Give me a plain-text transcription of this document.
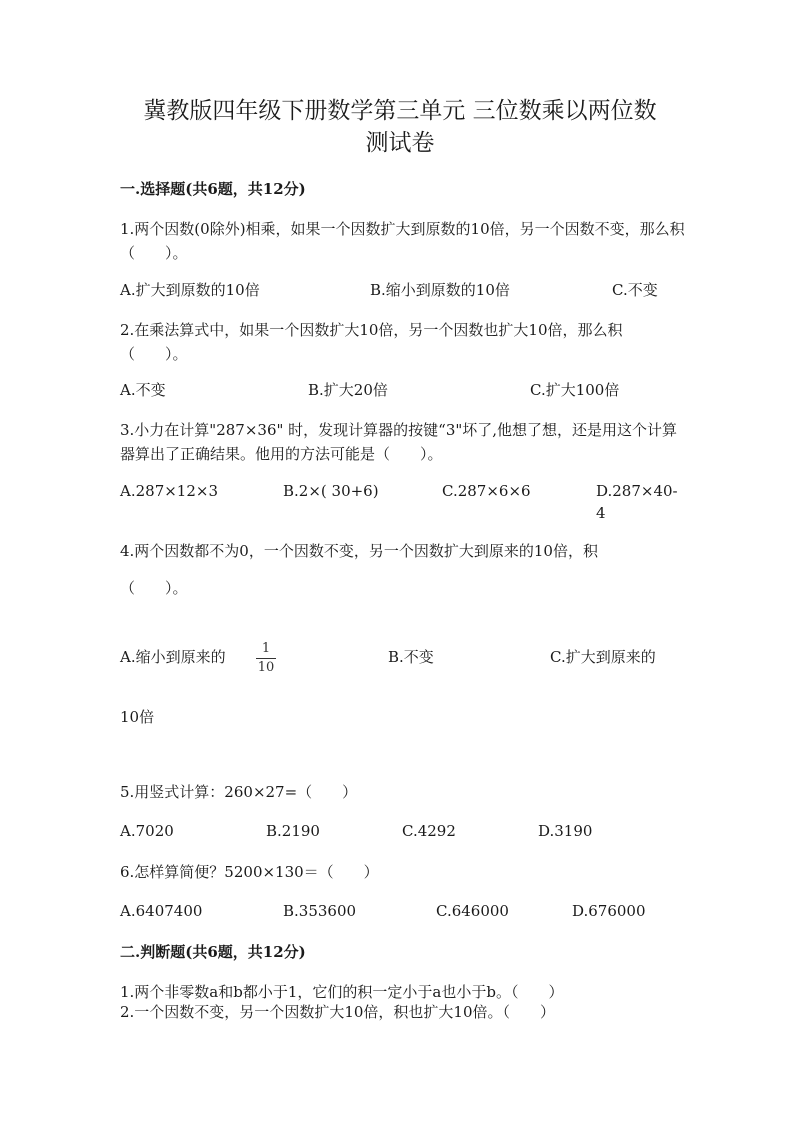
冀教版四年级下册数学第三单元 三位数乘以两位数
测试卷
一.选择题(共6题，共12分)
1.两个因数(0除外)相乘，如果一个因数扩大到原数的10倍，另一个因数不变，那么积（　　）。
A.扩大到原数的10倍	B.缩小到原数的10倍	C.不变
2.在乘法算式中，如果一个因数扩大10倍，另一个因数也扩大10倍，那么积（　　）。
A.不变	B.扩大20倍	C.扩大100倍
3.小力在计算"287×36" 时，发现计算器的按键“3"坏了,他想了想，还是用这个计算器算出了正确结果。他用的方法可能是（　　）。
A.287×12×3	B.2×( 30+6)	C.287×6×6	D.287×40-4
4.两个因数都不为0，一个因数不变，另一个因数扩大到原来的10倍，积
（　　）。
A.缩小到原来的	1
10
B.不变	C.扩大到原来的
10倍
5.用竖式计算：260×27=（　　）
A.7020	B.2190	C.4292	D.3190
6.怎样算简便？5200×130＝（　　）
A.6407400	B.353600	C.646000	D.676000
二.判断题(共6题，共12分)
1.两个非零数a和b都小于1，它们的积一定小于a也小于b。（　　）
2.一个因数不变，另一个因数扩大10倍，积也扩大10倍。（　　）
